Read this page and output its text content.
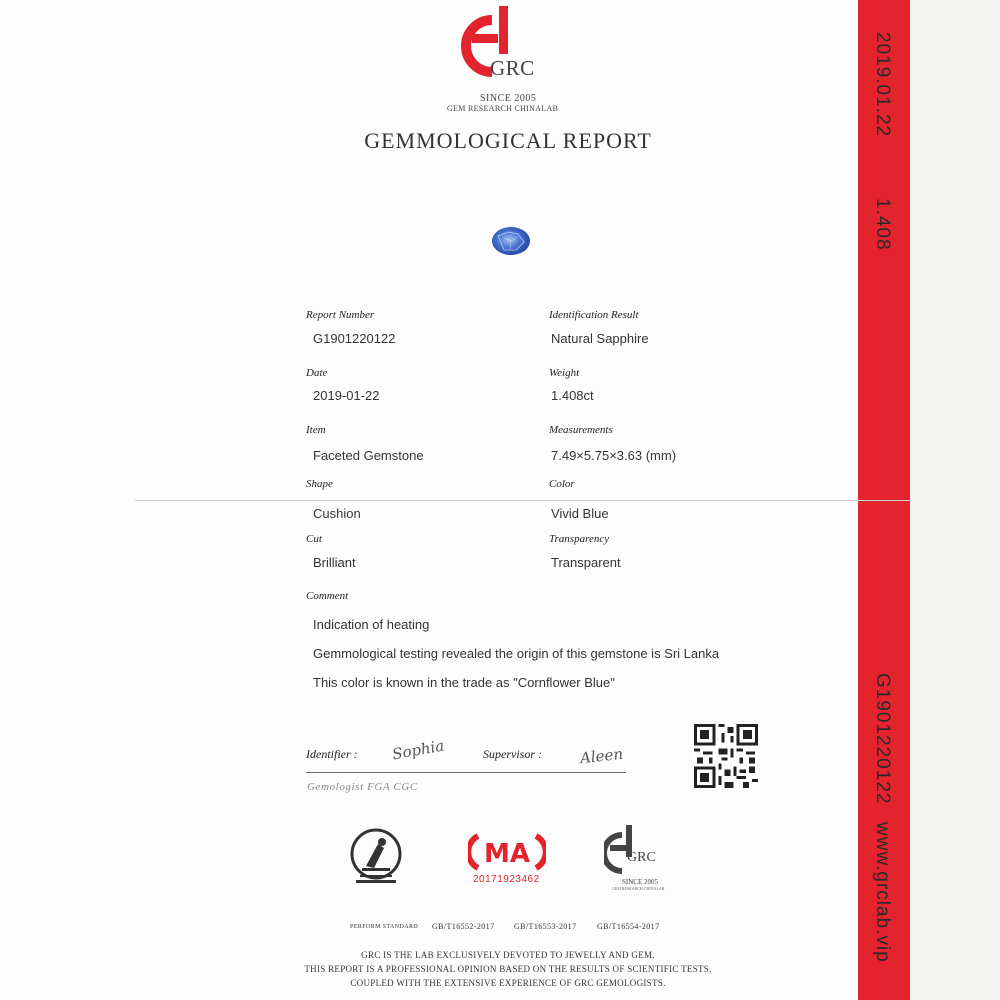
2019.01.22
1.408
G1901220122
www.grclab.vip
GRC
SINCE 2005
GEM RESEARCH CHINALAB
GEMMOLOGICAL REPORT
Report Number
G1901220122
Date
2019-01-22
Item
Faceted Gemstone
Shape
Cushion
Cut
Brilliant
Identification Result
Natural Sapphire
Weight
1.408ct
Measurements
7.49×5.75×3.63 (mm)
Color
Vivid Blue
Transparency
Transparent
Comment
Indication of heating
Gemmological testing revealed the origin of this gemstone is Sri Lanka
This color is known in the trade as "Cornflower Blue"
Identifier : Sophia	Supervisor : Aleen
Gemologist FGA CGC
MA
20171923462
GRC
SINCE 2005
GEM RESEARCH CHINALAB
PERFORM STANDARD GB/T16552-2017 GB/T16553-2017	GB/T16554-2017
GRC IS THE LAB EXCLUSIVELY DEVOTED TO JEWELLY AND GEM.
THIS REPORT IS A PROFESSIONAL OPINION BASED ON THE RESULTS OF SCIENTIFIC TESTS,
COUPLED WITH THE EXTENSIVE EXPERIENCE OF GRC GEMOLOGISTS.
